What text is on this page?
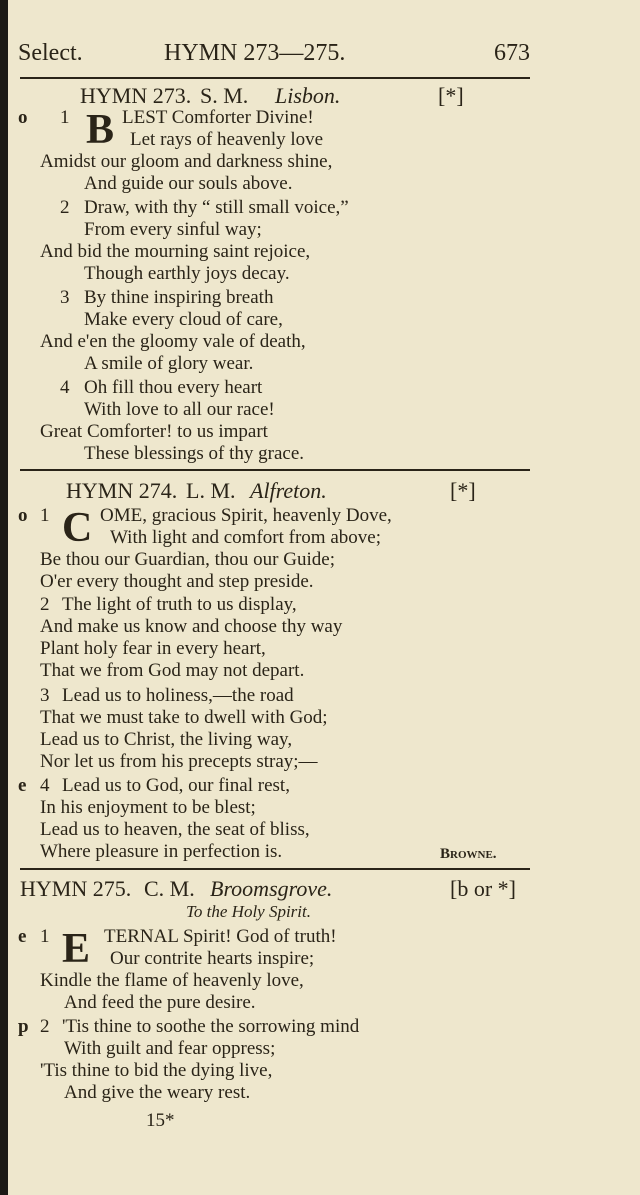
Select.	HYMN 273—275.	673
HYMN 273. S. M. Lisbon.	[*]
o 1	LEST Comforter Divine!
Let rays of heavenly love
Amidst our gloom and darkness shine,
And guide our souls above.
B
2 Draw, with thy “ still small voice,”
From every sinful way;
And bid the mourning saint rejoice,
Though earthly joys decay.
3 By thine inspiring breath
Make every cloud of care,
And e'en the gloomy vale of death,
A smile of glory wear.
4 Oh fill thou every heart
With love to all our race!
Great Comforter! to us impart
These blessings of thy grace.
HYMN 274. L. M. Alfreton.	[*]
o 1	OME, gracious Spirit, heavenly Dove,
With light and comfort from above;
Be thou our Guardian, thou our Guide;
O'er every thought and step preside.
C
2 The light of truth to us display,
And make us know and choose thy way
Plant holy fear in every heart,
That we from God may not depart.
3 Lead us to holiness,—the road
That we must take to dwell with God;
Lead us to Christ, the living way,
Nor let us from his precepts stray;—
e 4 Lead us to God, our final rest,
In his enjoyment to be blest;
Lead us to heaven, the seat of bliss,
Where pleasure in perfection is.	Browne.
HYMN 275. C. M. Broomsgrove.	[b or *]
To the Holy Spirit.
e 1	TERNAL Spirit! God of truth!
Our contrite hearts inspire;
Kindle the flame of heavenly love,
And feed the pure desire.
E
p 2 'Tis thine to soothe the sorrowing mind
With guilt and fear oppress;
'Tis thine to bid the dying live,
And give the weary rest.
15*
